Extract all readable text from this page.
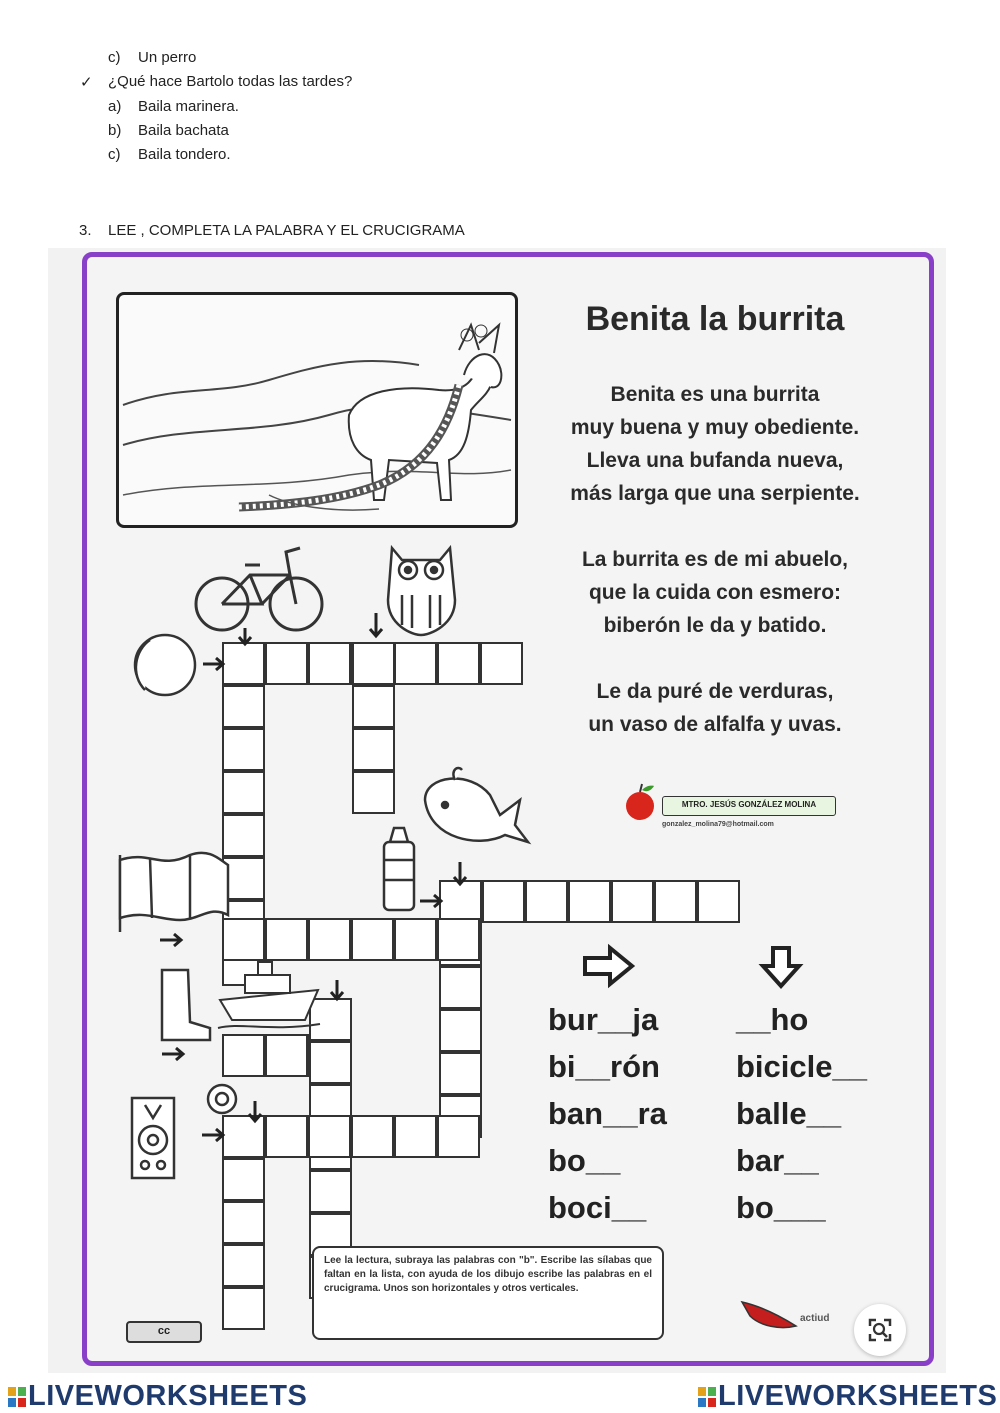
c) Un perro
✓ ¿Qué hace Bartolo todas las tardes?
a) Baila marinera.
b) Baila bachata
c) Baila tondero.
3. LEE , COMPLETA LA PALABRA Y EL CRUCIGRAMA
Benita la burrita
Benita es una burrita
muy buena y muy obediente.
Lleva una bufanda nueva,
más larga que una serpiente.
La burrita es de mi abuelo,
que la cuida con esmero:
biberón le da y batido.
Le da puré de verduras,
un vaso de alfalfa y uvas.
MTRO. JESÚS GONZÁLEZ MOLINA
gonzalez_molina79@hotmail.com
bur__ja
bi__rón
ban__ra
bo__
boci__
__ho
bicicle__
balle__
bar__
bo___
Lee la lectura, subraya las palabras con "b". Escribe las sílabas que faltan en la lista, con ayuda de los dibujo escribe las palabras en el crucigrama. Unos son horizontales y otros verticales.
cc
actiud
LIVEWORKSHEETS	LIVEWORKSHEETS
